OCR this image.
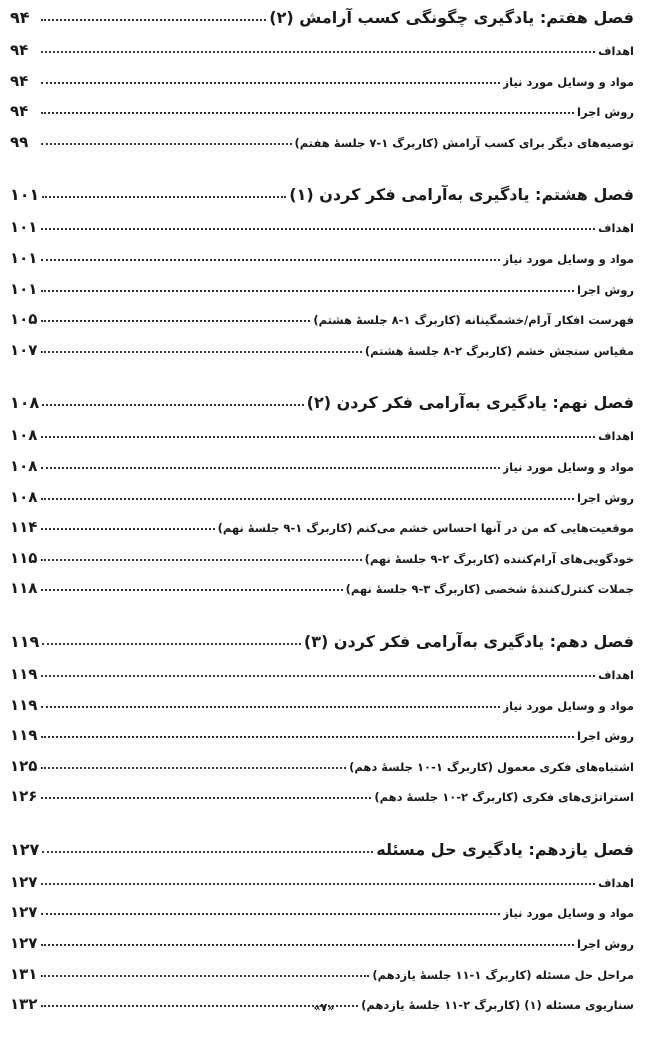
فصل هفتم: یادگیری چگونگی کسب آرامش (۲)
۹۴
اهداف
۹۴
مواد و وسایل مورد نیاز
۹۴
روش اجرا
۹۴
توصیه‌های دیگر برای کسب آرامش (کاربرگ ۱-۷ جلسهٔ هفتم)
۹۹
فصل هشتم: یادگیری به‌آرامی فکر کردن (۱)
۱۰۱
اهداف
۱۰۱
مواد و وسایل مورد نیاز
۱۰۱
روش اجرا
۱۰۱
فهرست افکار آرام/خشمگینانه (کاربرگ ۱-۸ جلسهٔ هشتم)
۱۰۵
مقیاس سنجش خشم (کاربرگ ۲-۸ جلسهٔ هشتم)
۱۰۷
فصل نهم: یادگیری به‌آرامی فکر کردن (۲)
۱۰۸
اهداف
۱۰۸
مواد و وسایل مورد نیاز
۱۰۸
روش اجرا
۱۰۸
موقعیت‌هایی که من در آنها احساس خشم می‌کنم (کاربرگ ۱-۹ جلسهٔ نهم)
۱۱۴
خودگویی‌های آرام‌کننده (کاربرگ ۲-۹ جلسهٔ نهم)
۱۱۵
جملات کنترل‌کنندهٔ شخصی (کاربرگ ۳-۹ جلسهٔ نهم)
۱۱۸
فصل دهم: یادگیری به‌آرامی فکر کردن (۳)
۱۱۹
اهداف
۱۱۹
مواد و وسایل مورد نیاز
۱۱۹
روش اجرا
۱۱۹
اشتباه‌های فکری معمول (کاربرگ ۱-۱۰ جلسهٔ دهم)
۱۲۵
استراتژی‌های فکری (کاربرگ ۲-۱۰ جلسهٔ دهم)
۱۲۶
فصل یازدهم: یادگیری حل مسئله
۱۲۷
اهداف
۱۲۷
مواد و وسایل مورد نیاز
۱۲۷
روش اجرا
۱۲۷
مراحل حل مسئله (کاربرگ ۱-۱۱ جلسهٔ یازدهم)
۱۳۱
سناریوی مسئله (۱) (کاربرگ ۲-۱۱ جلسهٔ یازدهم)
۱۳۲	«۷»
